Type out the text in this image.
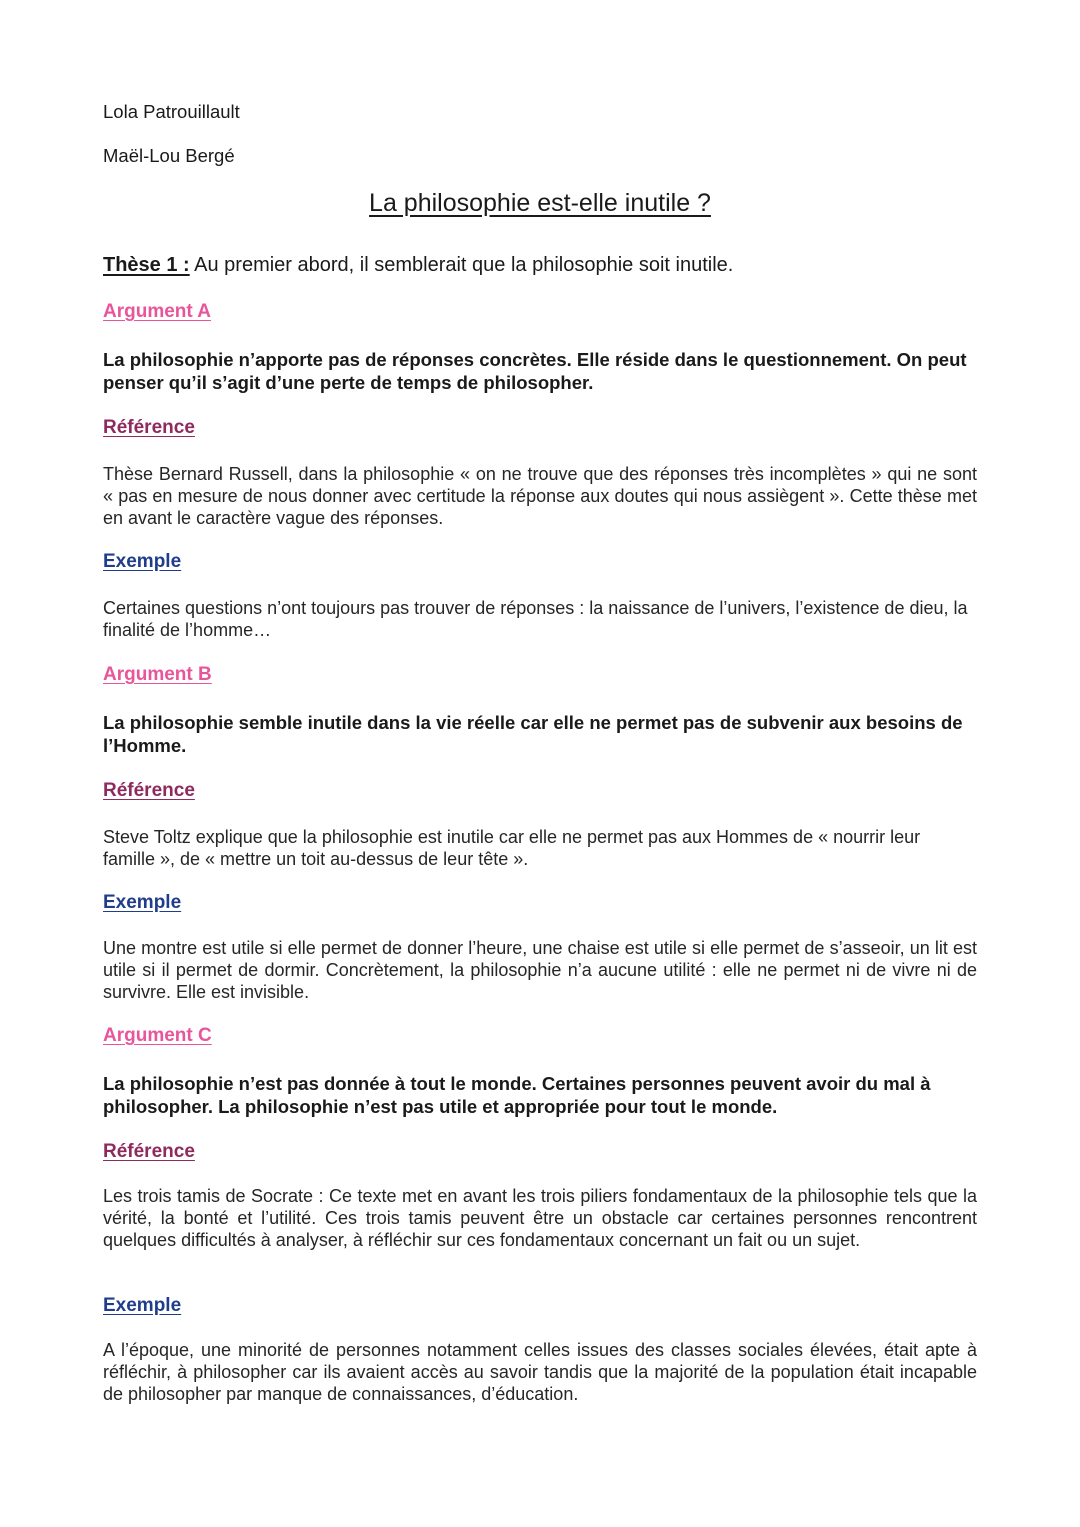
Lola Patrouillault
Maël-Lou Bergé
La philosophie est-elle inutile ?
Thèse 1 : Au premier abord, il semblerait que la philosophie soit inutile.
Argument A
La philosophie n’apporte pas de réponses concrètes. Elle réside dans le questionnement. On peut penser qu’il s’agit d’une perte de temps de philosopher.
Référence
Thèse Bernard Russell, dans la philosophie « on ne trouve que des réponses très incomplètes » qui ne sont « pas en mesure de nous donner avec certitude la réponse aux doutes qui nous assiègent ». Cette thèse met en avant le caractère vague des réponses.
Exemple
Certaines questions n’ont toujours pas trouver de réponses : la naissance de l’univers, l’existence de dieu, la finalité de l’homme…
Argument B
La philosophie semble inutile dans la vie réelle car elle ne permet pas de subvenir aux besoins de l’Homme.
Référence
Steve Toltz explique que la philosophie est inutile car elle ne permet pas aux Hommes de « nourrir leur famille », de « mettre un toit au-dessus de leur tête ».
Exemple
Une montre est utile si elle permet de donner l’heure, une chaise est utile si elle permet de s’asseoir, un lit est utile si il permet de dormir. Concrètement, la philosophie n’a aucune utilité : elle ne permet ni de vivre ni de survivre. Elle est invisible.
Argument C
La philosophie n’est pas donnée à tout le monde. Certaines personnes peuvent avoir du mal à philosopher. La philosophie n’est pas utile et appropriée pour tout le monde.
Référence
Les trois tamis de Socrate : Ce texte met en avant les trois piliers fondamentaux de la philosophie tels que la vérité, la bonté et l’utilité. Ces trois tamis peuvent être un obstacle car certaines personnes rencontrent quelques difficultés à analyser, à réfléchir sur ces fondamentaux concernant un fait ou un sujet.
Exemple
A l’époque, une minorité de personnes notamment celles issues des classes sociales élevées, était apte à réfléchir, à philosopher car ils avaient accès au savoir tandis que la majorité de la population était incapable de philosopher par manque de connaissances, d’éducation.
